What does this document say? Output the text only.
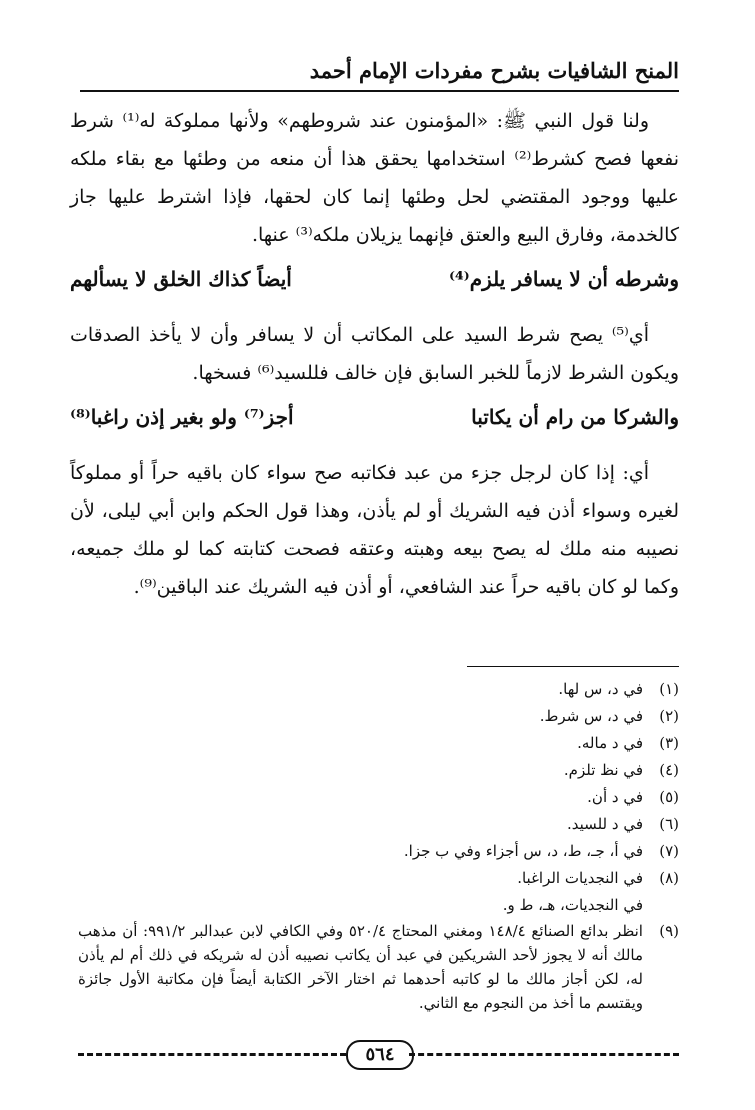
المنح الشافيات بشرح مفردات الإمام أحمد

ولنا قول النبي ﷺ: «المؤمنون عند شروطهم» ولأنها مملوكة له⁽¹⁾ شرط نفعها فصح كشرط⁽²⁾ استخدامها يحقق هذا أن منعه من وطئها مع بقاء ملكه عليها ووجود المقتضي لحل وطئها إنما كان لحقها، فإذا اشترط عليها جاز كالخدمة، وفارق البيع والعتق فإنهما يزيلان ملكه⁽³⁾ عنها.

وشرطه أن لا يسافر يلزم⁽⁴⁾
أيضاً كذاك الخلق لا يسألهم

أي⁽⁵⁾ يصح شرط السيد على المكاتب أن لا يسافر وأن لا يأخذ الصدقات ويكون الشرط لازماً للخبر السابق فإن خالف فللسيد⁽⁶⁾ فسخها.

والشركا من رام أن يكاتبا
أجز⁽⁷⁾ ولو بغير إذن راغبا⁽⁸⁾

أي: إذا كان لرجل جزء من عبد فكاتبه صح سواء كان باقيه حراً أو مملوكاً لغيره وسواء أذن فيه الشريك أو لم يأذن، وهذا قول الحكم وابن أبي ليلى، لأن نصيبه منه ملك له يصح بيعه وهبته وعتقه فصحت كتابته كما لو ملك جميعه، وكما لو كان باقيه حراً عند الشافعي، أو أذن فيه الشريك عند الباقين⁽⁹⁾.

(١)
في د، س لها.
(٢)
في د، س شرط.
(٣)
في د ماله.
(٤)
في نظ تلزم.
(٥)
في د أن.
(٦)
في د للسيد.
(٧)
في أ، جـ، ط، د، س أجزاء وفي ب جزا.
(٨)
في النجديات الراغبا.
في النجديات، هـ، ط و.
(٩)
انظر بدائع الصنائع ١٤٨/٤ ومغني المحتاج ٥٢٠/٤ وفي الكافي لابن عبدالبر ٩٩١/٢: أن مذهب مالك أنه لا يجوز لأحد الشريكين في عبد أن يكاتب نصيبه أذن له شريكه في ذلك أم لم يأذن له، لكن أجاز مالك ما لو كاتبه أحدهما ثم اختار الآخر الكتابة أيضاً فإن مكاتبة الأول جائزة ويقتسم ما أخذ من النجوم مع الثاني.
٥٦٤
